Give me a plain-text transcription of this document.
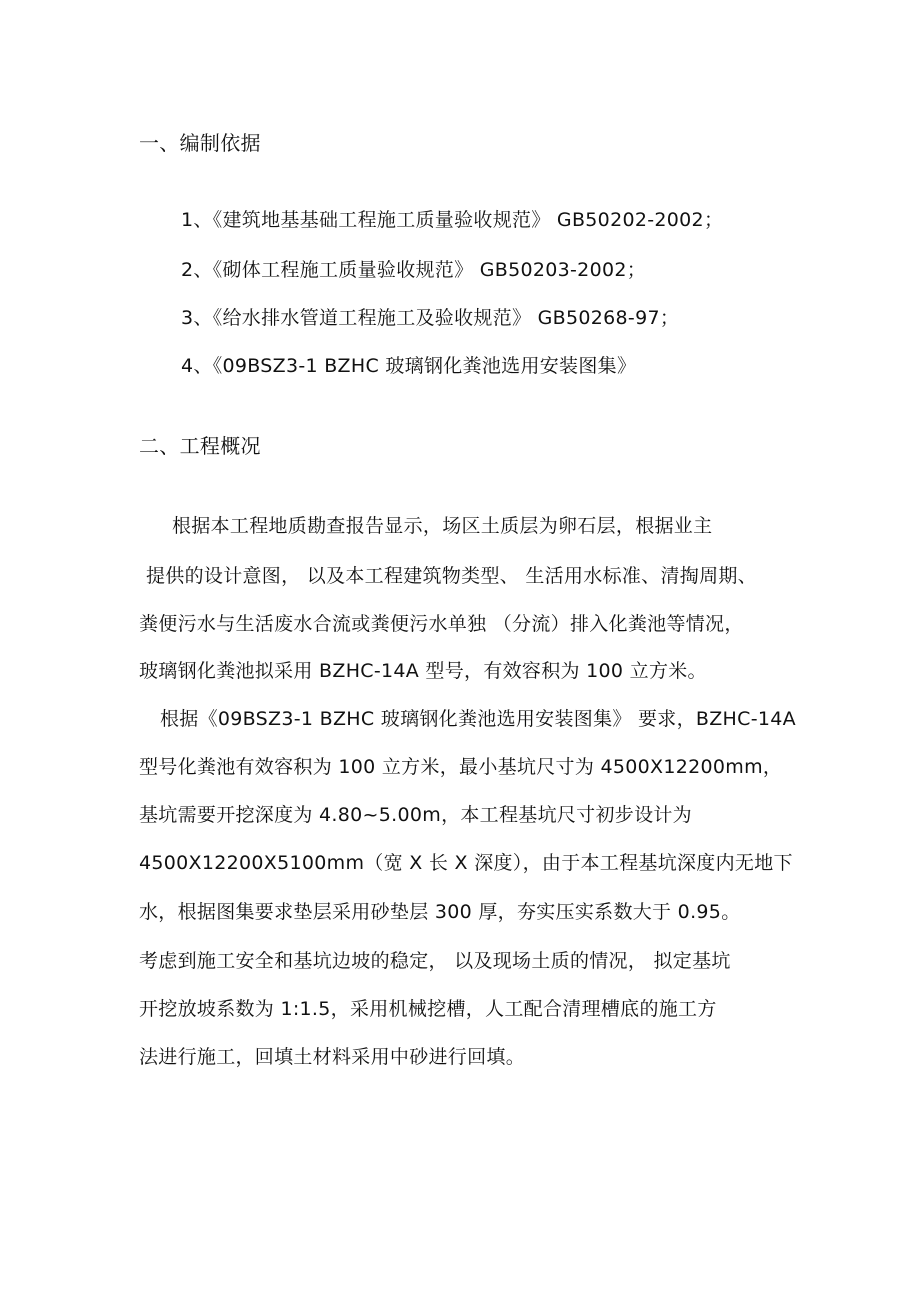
一、编制依据
1、《建筑地基基础工程施工质量验收规范》 GB50202-2002；
2、《砌体工程施工质量验收规范》 GB50203-2002；
3、《给水排水管道工程施工及验收规范》 GB50268-97；
4、《09BSZ3-1 BZHC 玻璃钢化粪池选用安装图集》
二、工程概况
根据本工程地质勘查报告显示，场区土质层为卵石层，根据业主
提供的设计意图， 以及本工程建筑物类型、 生活用水标准、清掏周期、
粪便污水与生活废水合流或粪便污水单独 （分流）排入化粪池等情况，
玻璃钢化粪池拟采用 BZHC-14A 型号，有效容积为 100 立方米。
根据《09BSZ3-1 BZHC 玻璃钢化粪池选用安装图集》 要求，BZHC-14A
型号化粪池有效容积为 100 立方米，最小基坑尺寸为 4500X12200mm，
基坑需要开挖深度为 4.80~5.00m，本工程基坑尺寸初步设计为
4500X12200X5100mm（宽 X 长 X 深度），由于本工程基坑深度内无地下
水，根据图集要求垫层采用砂垫层 300 厚，夯实压实系数大于 0.95。
考虑到施工安全和基坑边坡的稳定， 以及现场土质的情况， 拟定基坑
开挖放坡系数为 1:1.5，采用机械挖槽，人工配合清理槽底的施工方
法进行施工，回填土材料采用中砂进行回填。
